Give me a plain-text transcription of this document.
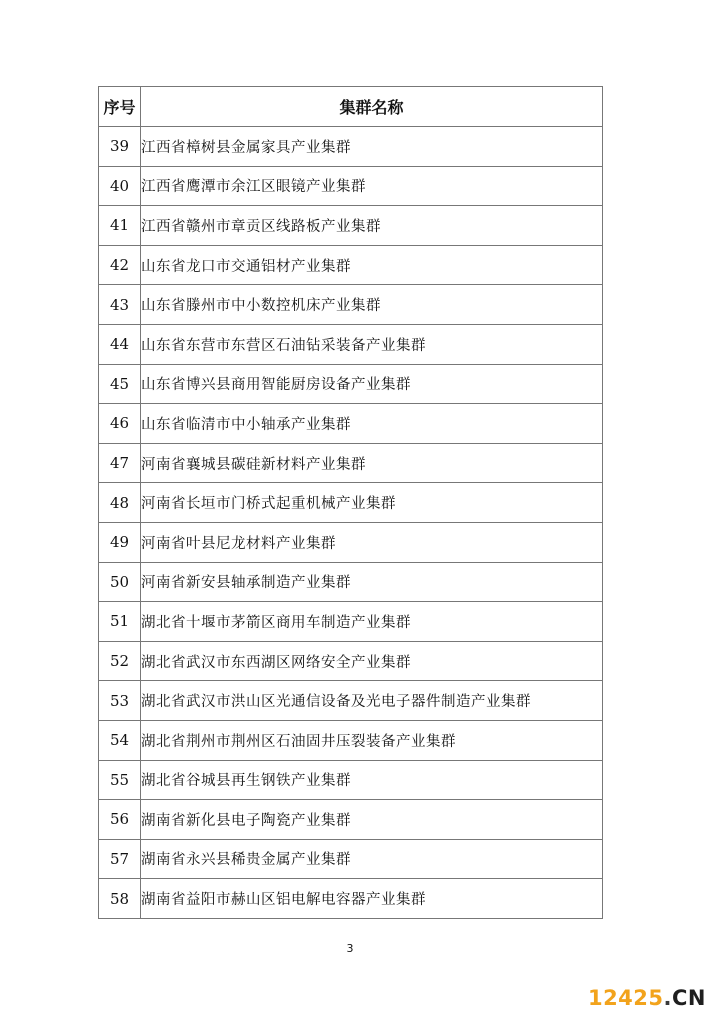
序号	集群名称
39	江西省樟树县金属家具产业集群
40	江西省鹰潭市余江区眼镜产业集群
41	江西省赣州市章贡区线路板产业集群
42	山东省龙口市交通铝材产业集群
43	山东省滕州市中小数控机床产业集群
44	山东省东营市东营区石油钻采装备产业集群
45	山东省博兴县商用智能厨房设备产业集群
46	山东省临清市中小轴承产业集群
47	河南省襄城县碳硅新材料产业集群
48	河南省长垣市门桥式起重机械产业集群
49	河南省叶县尼龙材料产业集群
50	河南省新安县轴承制造产业集群
51	湖北省十堰市茅箭区商用车制造产业集群
52	湖北省武汉市东西湖区网络安全产业集群
53	湖北省武汉市洪山区光通信设备及光电子器件制造产业集群
54	湖北省荆州市荆州区石油固井压裂装备产业集群
55	湖北省谷城县再生钢铁产业集群
56	湖南省新化县电子陶瓷产业集群
57	湖南省永兴县稀贵金属产业集群
58	湖南省益阳市赫山区铝电解电容器产业集群
3
12425.CN
